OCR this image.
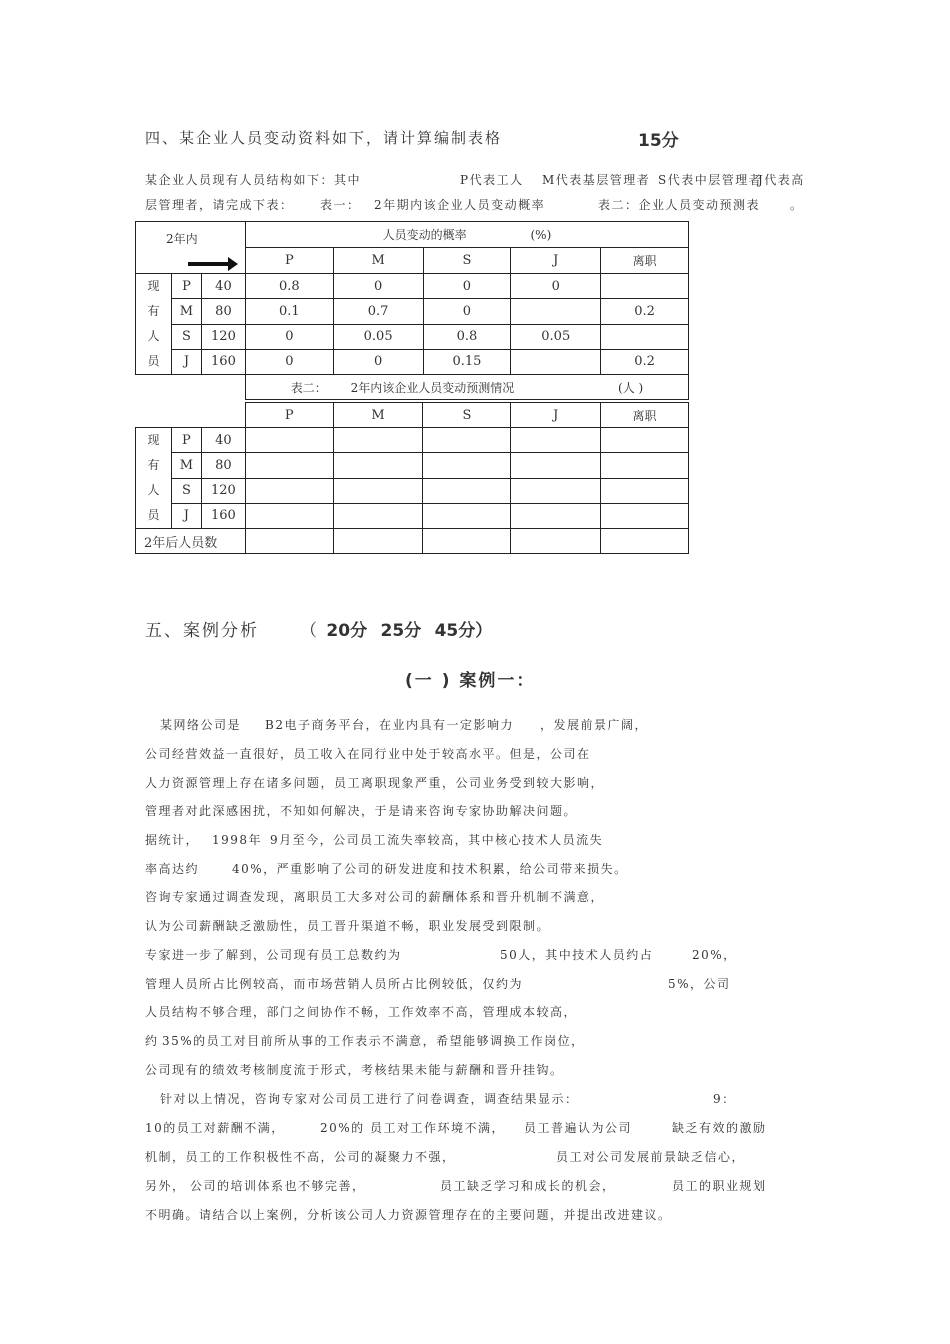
四、某企业人员变动资料如下，请计算编制表格	15分
某企业人员现有人员结构如下：其中	P代表工人 M代表基层管理者 S代表中层管理者
J代表高
层管理者，请完成下表： 表一： 2年期内该企业人员变动概率	表二：企业人员变动预测表 。
2年内			人员变动的概率 (%)				
			P	M	S	J	离职

现
有
人
员	P	40	0.8	0	0	0	
	M	80	0.1	0.7	0		0.2
	S	120	0	0.05	0.8	0.05	
	J	160	0	0	0.15		0.2
			表二： 2年内该企业人员变动预测情况 (人 )				
			P	M	S	J	离职

现
有
人
员	P	40					
	M	80					
	S	120					
	J	160					
2年后人员数							
五、案例分析 （ 20分 25分 45分）
(一 ) 案例一：
某网络公司是 B2电子商务平台，在业内具有一定影响力 ，发展前景广阔，
公司经营效益一直很好，员工收入在同行业中处于较高水平。但是，公司在
人力资源管理上存在诸多问题，员工离职现象严重，公司业务受到较大影响，
管理者对此深感困扰，不知如何解决，于是请来咨询专家协助解决问题。
据统计， 1998年 9月至今，公司员工流失率较高，其中核心技术人员流失
率高达约	40%，严重影响了公司的研发进度和技术积累，给公司带来损失。
咨询专家通过调查发现，离职员工大多对公司的薪酬体系和晋升机制不满意，
认为公司薪酬缺乏激励性，员工晋升渠道不畅，职业发展受到限制。
专家进一步了解到，公司现有员工总数约为	50人，其中技术人员约占	20%，
管理人员所占比例较高，而市场营销人员所占比例较低，仅约为	5%，公司
人员结构不够合理，部门之间协作不畅，工作效率不高，管理成本较高，
约 35%的员工对目前所从事的工作表示不满意，希望能够调换工作岗位，
公司现有的绩效考核制度流于形式，考核结果未能与薪酬和晋升挂钩。
针对以上情况，咨询专家对公司员工进行了问卷调查，调查结果显示：	9：
10的员工对薪酬不满，	20%的 员工对工作环境不满， 员工普遍认为公司	缺乏有效的激励
机制，员工的工作积极性不高，公司的凝聚力不强，	员工对公司发展前景缺乏信心，
另外， 公司的培训体系也不够完善，	员工缺乏学习和成长的机会，	员工的职业规划
不明确。请结合以上案例，分析该公司人力资源管理存在的主要问题，并提出改进建议。
